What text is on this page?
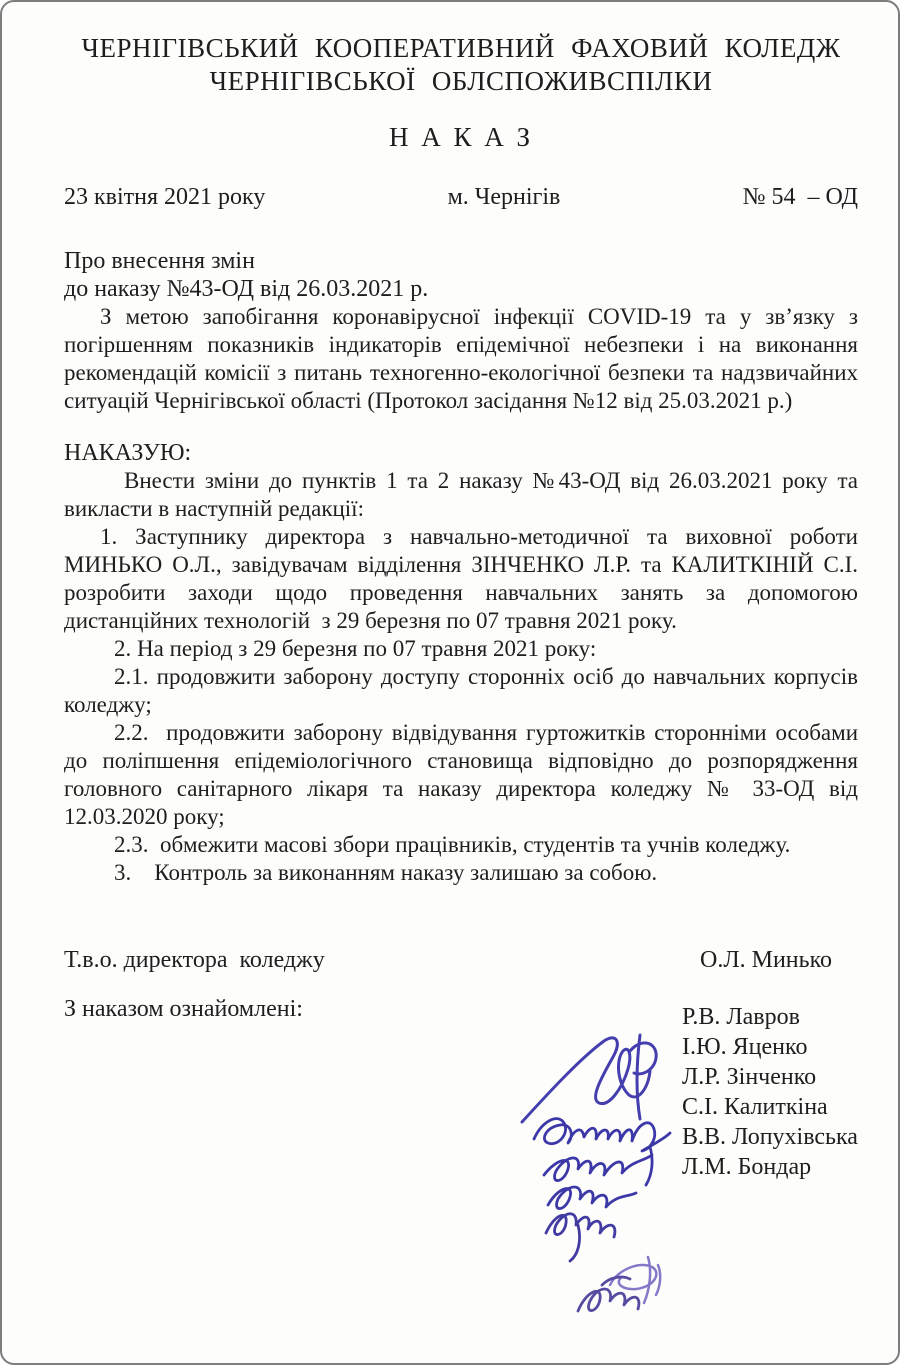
ЧЕРНІГІВСЬКИЙ КООПЕРАТИВНИЙ ФАХОВИЙ КОЛЕДЖ
ЧЕРНІГІВСЬКОЇ ОБЛСПОЖИВСПІЛКИ
Н А К А З
23 квітня 2021 року	м. Чернігів	№ 54  – ОД
Про внесення змін
до наказу №43-ОД від 26.03.2021 р.

З метою запобігання коронавірусної інфекції COVID-19 та у зв’язку з погіршенням показників індикаторів епідемічної небезпеки і на виконання рекомендацій комісії з питань техногенно-екологічної безпеки та надзвичайних ситуацій Чернігівської області (Протокол засідання №12 від 25.03.2021 р.)

НАКАЗУЮ:

Внести зміни до пунктів 1 та 2 наказу №43-ОД від 26.03.2021 року та викласти в наступній редакції:

1. Заступнику директора з навчально-методичної та виховної роботи МИНЬКО О.Л., завідувачам відділення ЗІНЧЕНКО Л.Р. та КАЛИТКІНІЙ С.І. розробити заходи щодо проведення навчальних занять за допомогою дистанційних технологій  з 29 березня по 07 травня 2021 року.

2. На період з 29 березня по 07 травня 2021 року:

2.1. продовжити заборону доступу сторонніх осіб до навчальних корпусів коледжу;

2.2.  продовжити заборону відвідування гуртожитків сторонніми особами до поліпшення епідеміологічного становища відповідно до розпорядження головного санітарного лікаря та наказу директора коледжу № 33-ОД від 12.03.2020 року;

2.3.  обмежити масові збори працівників, студентів та учнів коледжу.

3.    Контроль за виконанням наказу залишаю за собою.

Т.в.о. директора  коледжу	О.Л. Минько
З наказом ознайомлені:	Р.В. Лавров
І.Ю. Яценко
Л.Р. Зінченко
С.І. Калиткіна
В.В. Лопухівська
Л.М. Бондар
